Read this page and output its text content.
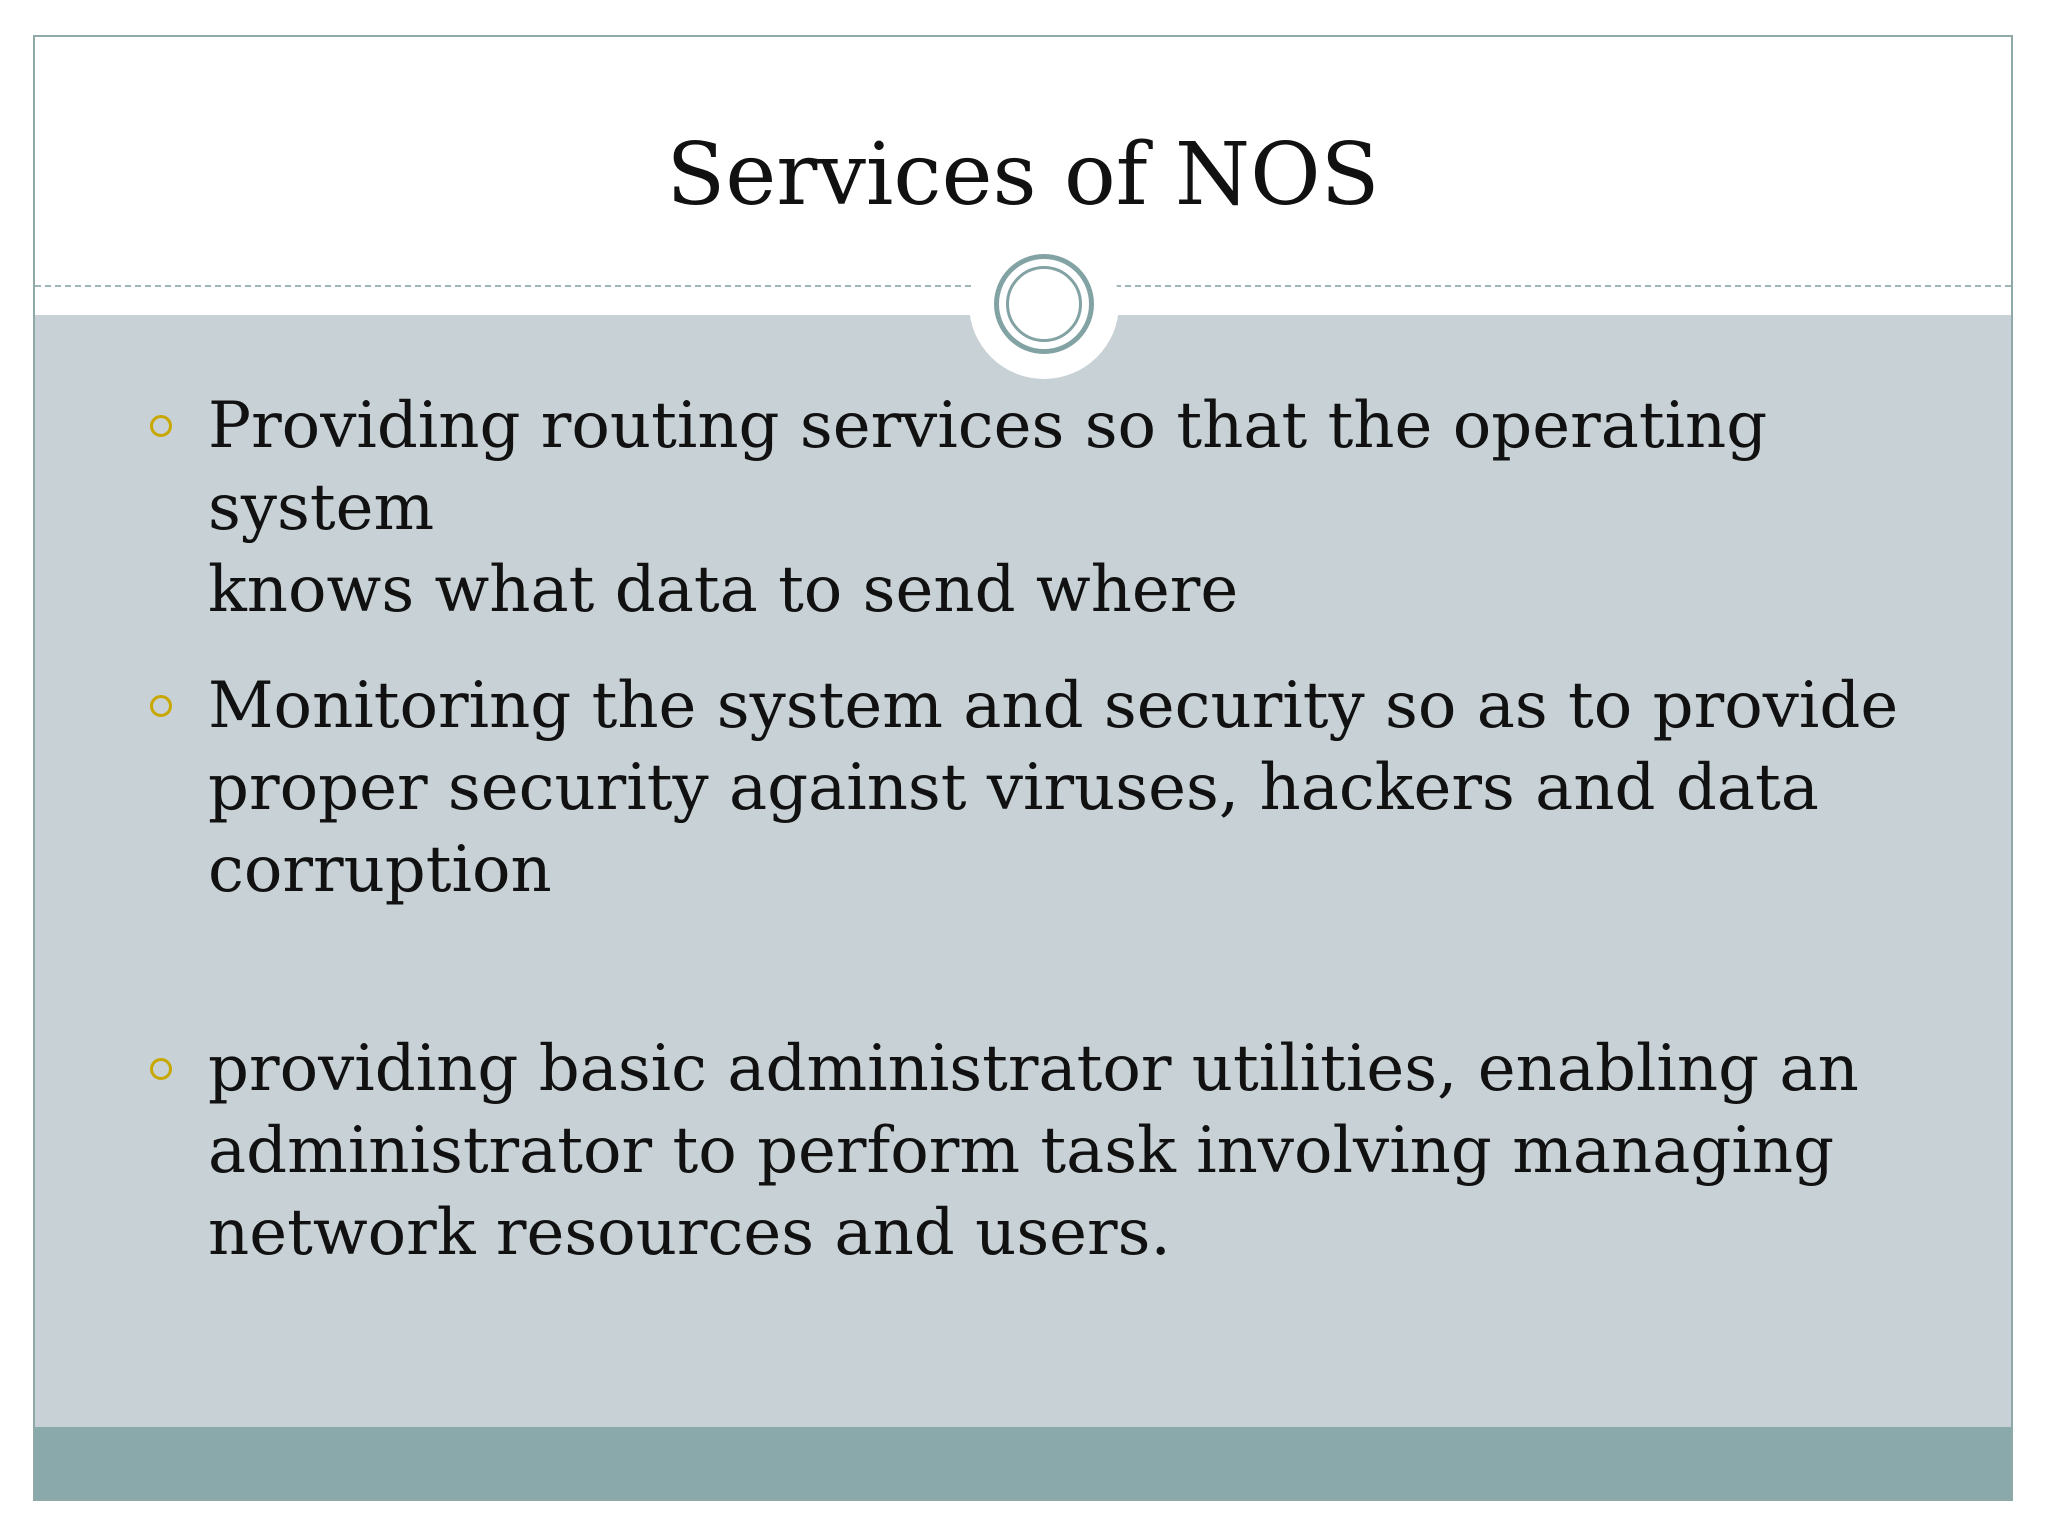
Services of NOS
Providing routing services so that the operating system
knows what data to send where
Monitoring the system and security so as to provide
proper security against viruses, hackers and data
corruption
providing basic administrator utilities, enabling an
administrator to perform task involving managing
network resources and users.
